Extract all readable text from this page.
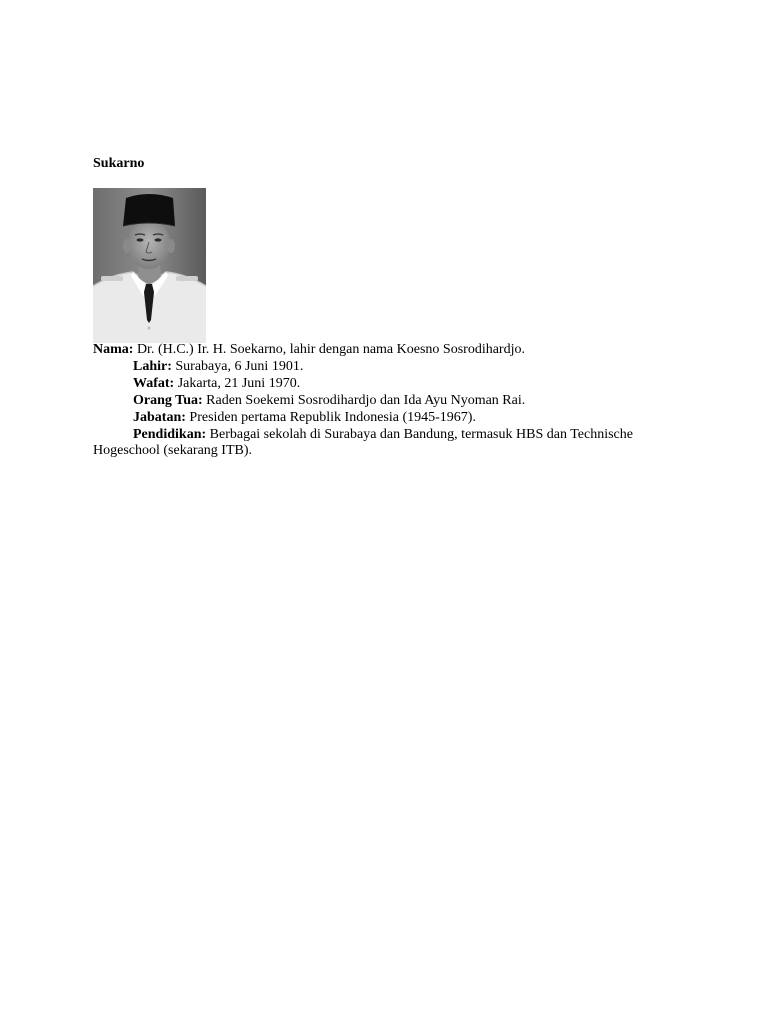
Sukarno

Nama: Dr. (H.C.) Ir. H. Soekarno, lahir dengan nama Koesno Sosrodihardjo.
Lahir: Surabaya, 6 Juni 1901.
Wafat: Jakarta, 21 Juni 1970.
Orang Tua: Raden Soekemi Sosrodihardjo dan Ida Ayu Nyoman Rai.
Jabatan: Presiden pertama Republik Indonesia (1945-1967).
Pendidikan: Berbagai sekolah di Surabaya dan Bandung, termasuk HBS dan Technische Hogeschool (sekarang ITB).
